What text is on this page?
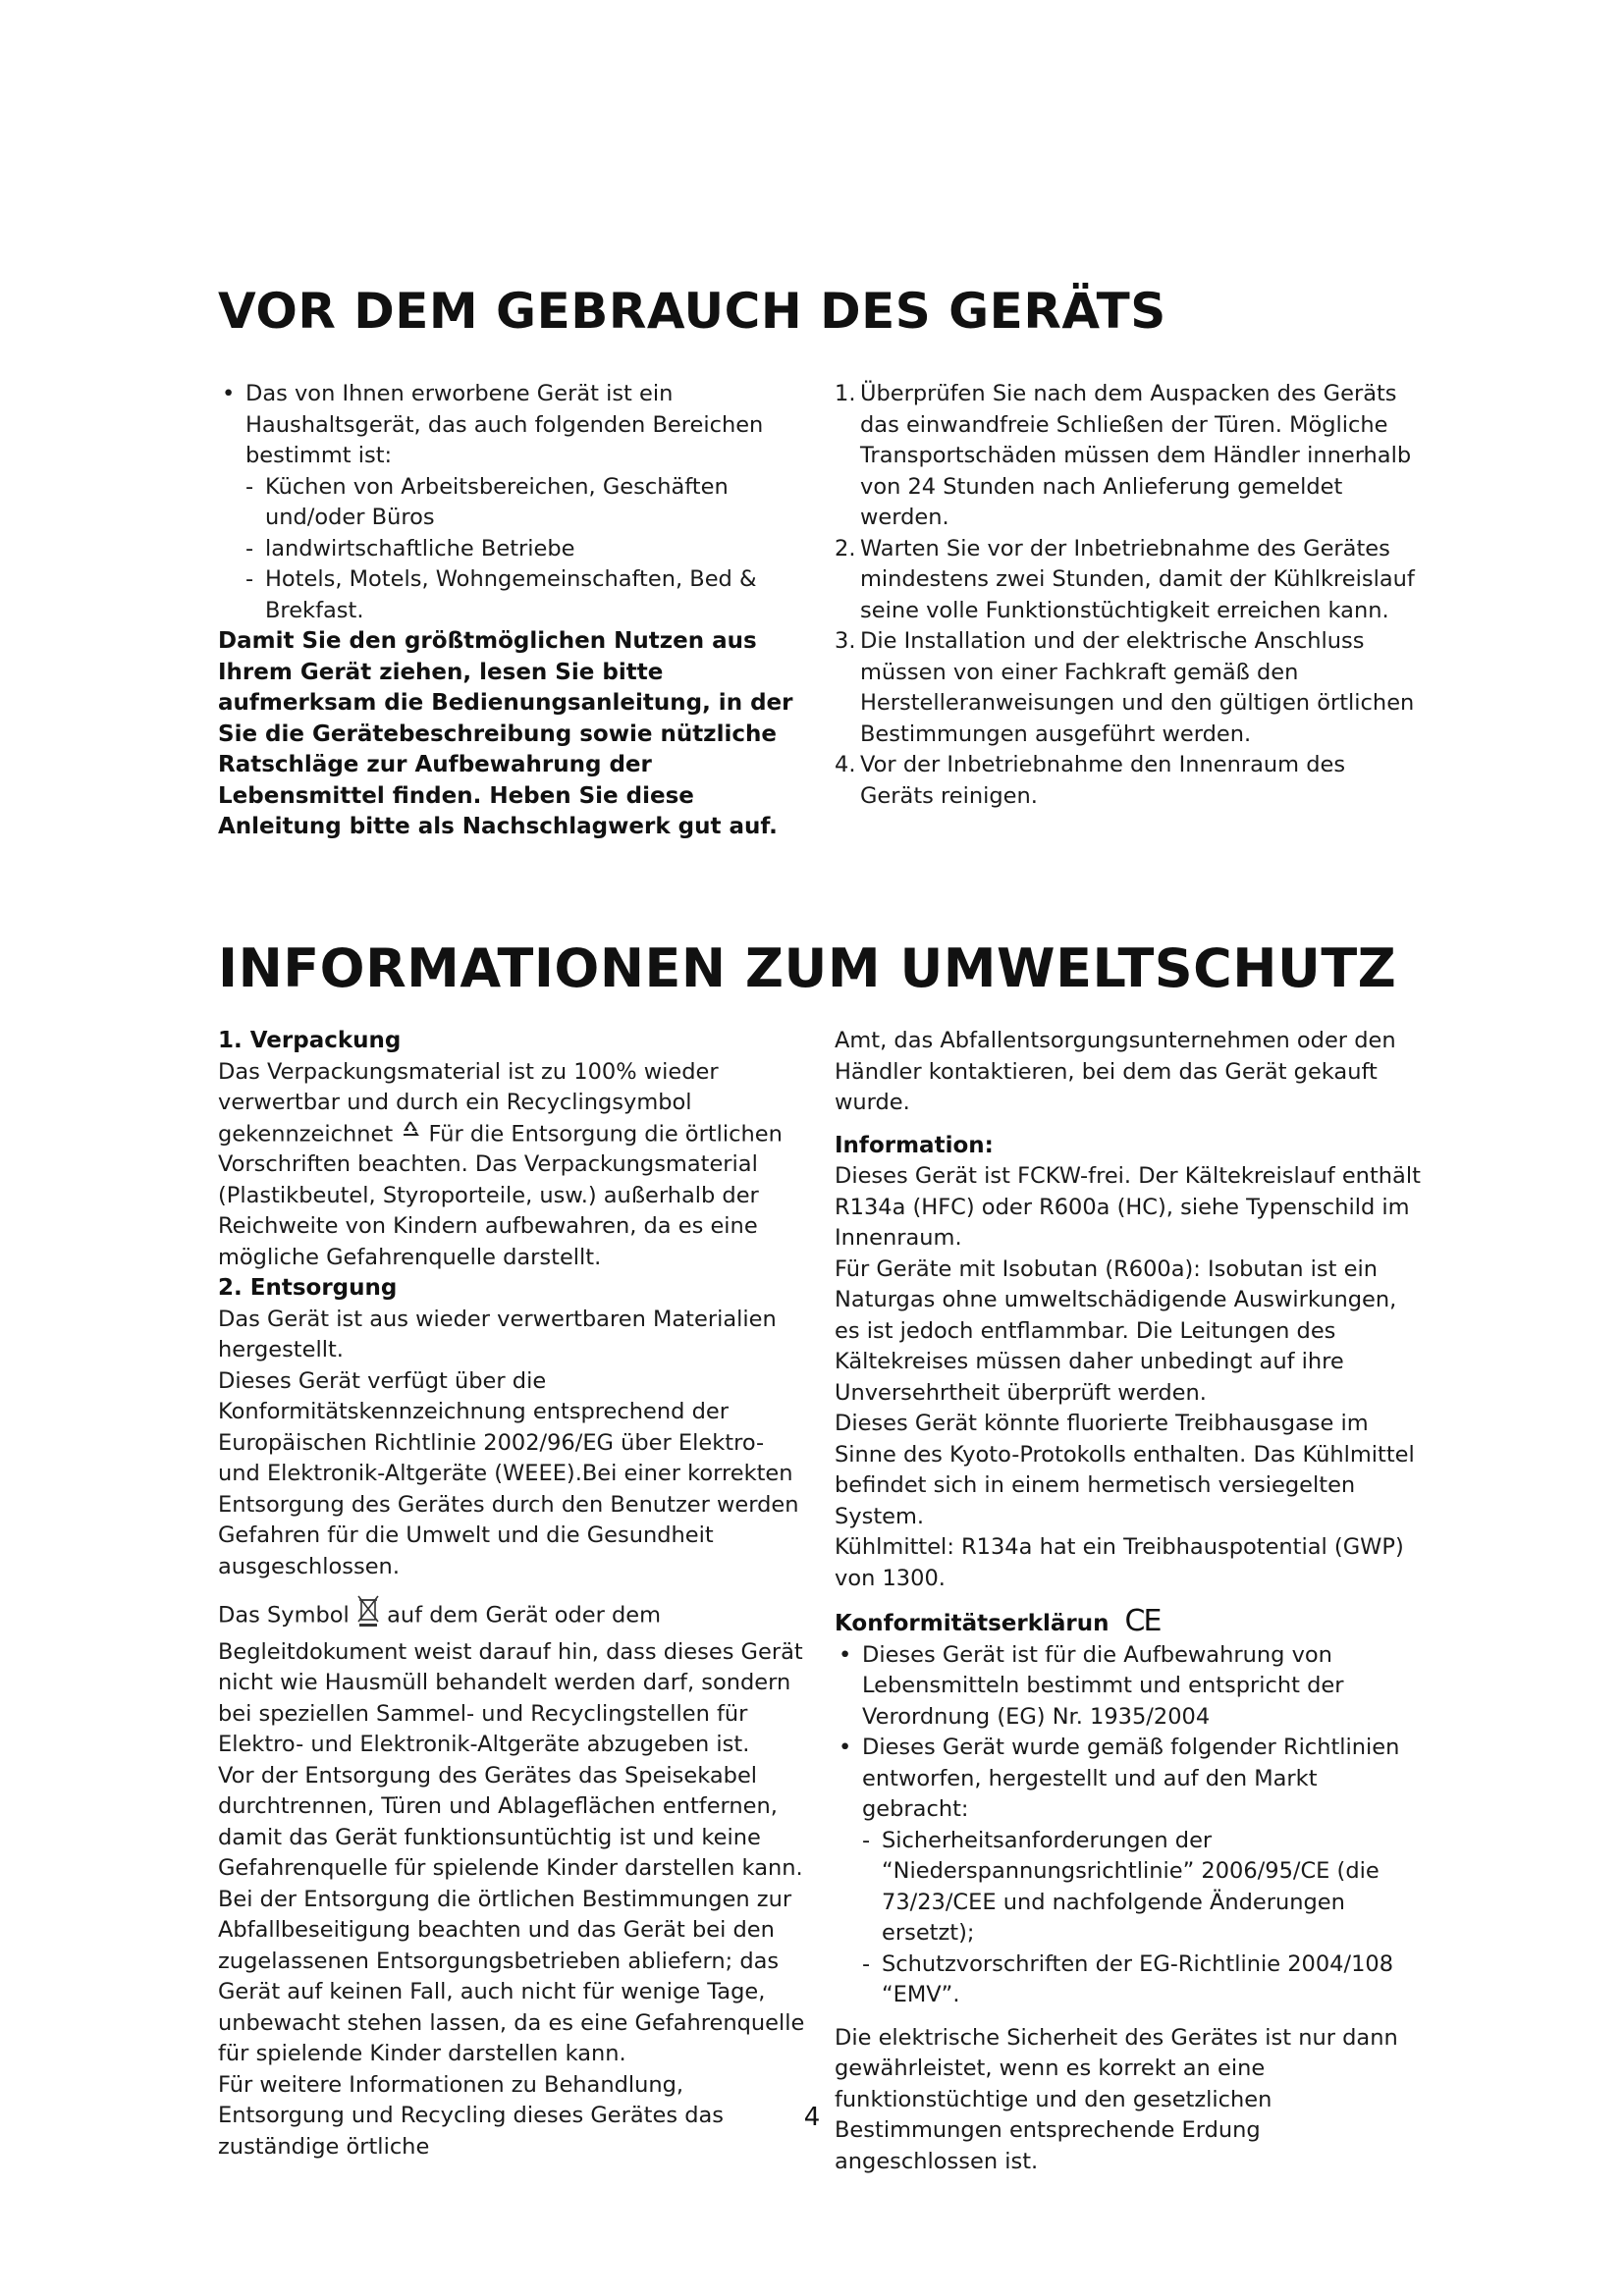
VOR DEM GEBRAUCH DES GERÄTS
• Das von Ihnen erworbene Gerät ist ein Haushaltsgerät, das auch folgenden Bereichen bestimmt ist:
- Küchen von Arbeitsbereichen, Geschäften und/oder Büros
- landwirtschaftliche Betriebe
- Hotels, Motels, Wohngemeinschaften, Bed & Brekfast.

Damit Sie den größtmöglichen Nutzen aus Ihrem Gerät ziehen, lesen Sie bitte aufmerksam die Bedienungsanleitung, in der Sie die Gerätebeschreibung sowie nützliche Ratschläge zur Aufbewahrung der Lebensmittel finden. Heben Sie diese Anleitung bitte als Nachschlagwerk gut auf.

1. Überprüfen Sie nach dem Auspacken des Geräts das einwandfreie Schließen der Türen. Mögliche Transportschäden müssen dem Händler innerhalb von 24 Stunden nach Anlieferung gemeldet werden.
2. Warten Sie vor der Inbetriebnahme des Gerätes mindestens zwei Stunden, damit der Kühlkreislauf seine volle Funktionstüchtigkeit erreichen kann.
3. Die Installation und der elektrische Anschluss müssen von einer Fachkraft gemäß den Herstelleranweisungen und den gültigen örtlichen Bestimmungen ausgeführt werden.
4. Vor der Inbetriebnahme den Innenraum des Geräts reinigen.
INFORMATIONEN ZUM UMWELTSCHUTZ

1. Verpackung

Das Verpackungsmaterial ist zu 100% wieder verwertbar und durch ein Recyclingsymbol gekennzeichnet Für die Entsorgung die örtlichen Vorschriften beachten. Das Verpackungsmaterial (Plastikbeutel, Styroporteile, usw.) außerhalb der Reichweite von Kindern aufbewahren, da es eine mögliche Gefahrenquelle darstellt.

2. Entsorgung

Das Gerät ist aus wieder verwertbaren Materialien hergestellt.

Dieses Gerät verfügt über die Konformitätskennzeichnung entsprechend der Europäischen Richtlinie 2002/96/EG über Elektro- und Elektronik-Altgeräte (WEEE).Bei einer korrekten Entsorgung des Gerätes durch den Benutzer werden Gefahren für die Umwelt und die Gesundheit ausgeschlossen.

Das Symbol auf dem Gerät oder dem Begleitdokument weist darauf hin, dass dieses Gerät nicht wie Hausmüll behandelt werden darf, sondern bei speziellen Sammel- und Recyclingstellen für Elektro- und Elektronik-Altgeräte abzugeben ist.

Vor der Entsorgung des Gerätes das Speisekabel durchtrennen, Türen und Ablageflächen entfernen, damit das Gerät funktionsuntüchtig ist und keine Gefahrenquelle für spielende Kinder darstellen kann.

Bei der Entsorgung die örtlichen Bestimmungen zur Abfallbeseitigung beachten und das Gerät bei den zugelassenen Entsorgungsbetrieben abliefern; das Gerät auf keinen Fall, auch nicht für wenige Tage, unbewacht stehen lassen, da es eine Gefahrenquelle für spielende Kinder darstellen kann.

Für weitere Informationen zu Behandlung, Entsorgung und Recycling dieses Gerätes das zuständige örtliche

Amt, das Abfallentsorgungsunternehmen oder den Händler kontaktieren, bei dem das Gerät gekauft wurde.

Information:

Dieses Gerät ist FCKW-frei. Der Kältekreislauf enthält R134a (HFC) oder R600a (HC), siehe Typenschild im Innenraum.

Für Geräte mit Isobutan (R600a): Isobutan ist ein Naturgas ohne umweltschädigende Auswirkungen, es ist jedoch entflammbar. Die Leitungen des Kältekreises müssen daher unbedingt auf ihre Unversehrtheit überprüft werden.

Dieses Gerät könnte fluorierte Treibhausgase im Sinne des Kyoto-Protokolls enthalten. Das Kühlmittel befindet sich in einem hermetisch versiegelten System.

Kühlmittel: R134a hat ein Treibhauspotential (GWP) von 1300.

Konformitätserklärun CE

• Dieses Gerät ist für die Aufbewahrung von Lebensmitteln bestimmt und entspricht der Verordnung (EG) Nr. 1935/2004
• Dieses Gerät wurde gemäß folgender Richtlinien entworfen, hergestellt und auf den Markt gebracht:
- Sicherheitsanforderungen der “Niederspannungsrichtlinie” 2006/95/CE (die 73/23/CEE und nachfolgende Änderungen ersetzt);
- Schutzvorschriften der EG-Richtlinie 2004/108 “EMV”.

Die elektrische Sicherheit des Gerätes ist nur dann gewährleistet, wenn es korrekt an eine funktionstüchtige und den gesetzlichen Bestimmungen entsprechende Erdung angeschlossen ist.

4
